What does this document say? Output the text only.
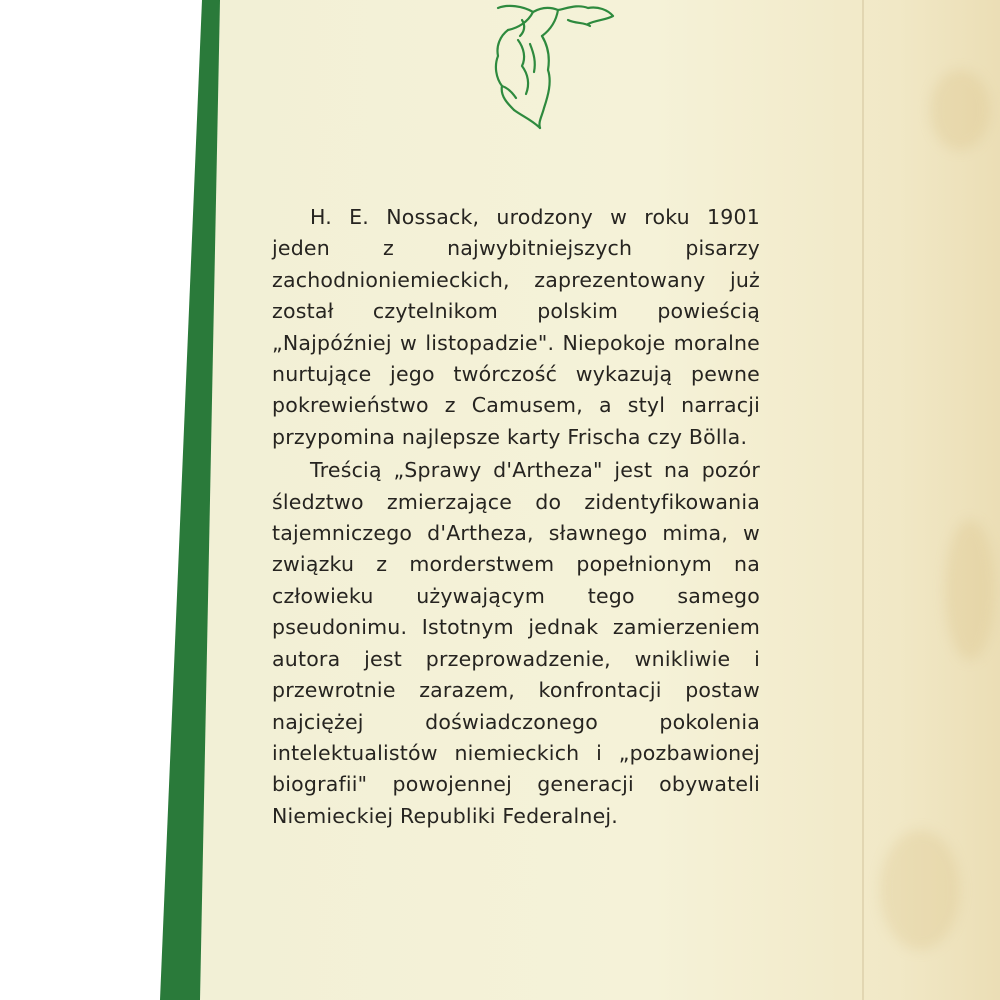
H. E. Nossack, urodzony w roku 1901 jeden z najwybitniejszych pisarzy zachodnioniemieckich, zaprezentowany już został czytelnikom polskim powieścią „Najpóźniej w listopadzie". Niepokoje moralne nurtujące jego twórczość wykazują pewne pokrewieństwo z Camusem, a styl narracji przypomina najlepsze karty Frischa czy Bölla.

Treścią „Sprawy d'Artheza" jest na pozór śledztwo zmierzające do zidentyfikowania tajemniczego d'Artheza, sławnego mima, w związku z morderstwem popełnionym na człowieku używającym tego samego pseudonimu. Istotnym jednak zamierzeniem autora jest przeprowadzenie, wnikliwie i przewrotnie zarazem, konfrontacji postaw najciężej doświadczonego pokolenia intelektualistów niemieckich i „pozbawionej biografii" powojennej generacji obywateli Niemieckiej Republiki Federalnej.
